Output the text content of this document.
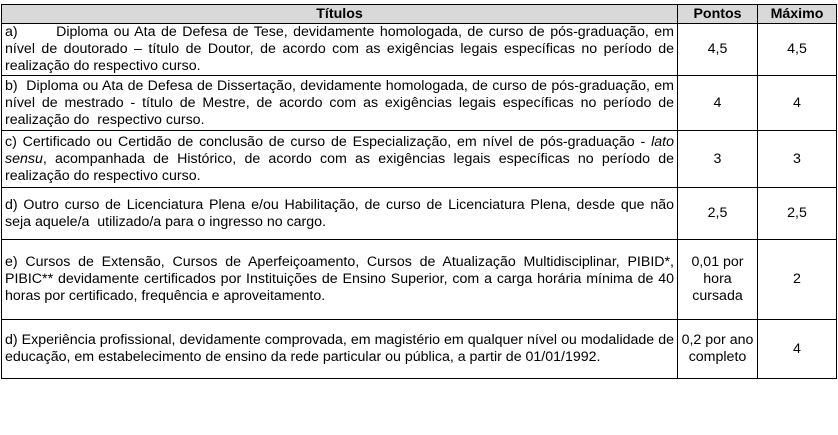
Títulos	Pontos	Máximo
a)       Diploma ou Ata de Defesa de Tese, devidamente homologada, de curso de pós-graduação, em nível de doutorado – título de Doutor, de acordo com as exigências legais específicas no período de realização do respectivo curso.	4,5	4,5
b)  Diploma ou Ata de Defesa de Dissertação, devidamente homologada, de curso de pós-graduação, em nível de mestrado - título de Mestre, de acordo com as exigências legais específicas no período de realização do  respectivo curso.	4	4
c) Certificado ou Certidão de conclusão de curso de Especialização, em nível de pós-graduação - lato sensu, acompanhada de Histórico, de acordo com as exigências legais específicas no período de realização do respectivo curso.	3	3
d) Outro curso de Licenciatura Plena e/ou Habilitação, de curso de Licenciatura Plena, desde que não seja aquele/a  utilizado/a para o ingresso no cargo.	2,5	2,5
e) Cursos de Extensão, Cursos de Aperfeiçoamento, Cursos de Atualização Multidisciplinar, PIBID*, PIBIC** devidamente certificados por Instituições de Ensino Superior, com a carga horária mínima de 40 horas por certificado, frequência e aproveitamento.	0,01 por hora cursada	2
d) Experiência profissional, devidamente comprovada, em magistério em qualquer nível ou modalidade de educação, em estabelecimento de ensino da rede particular ou pública, a partir de 01/01/1992.	0,2 por ano completo	4
